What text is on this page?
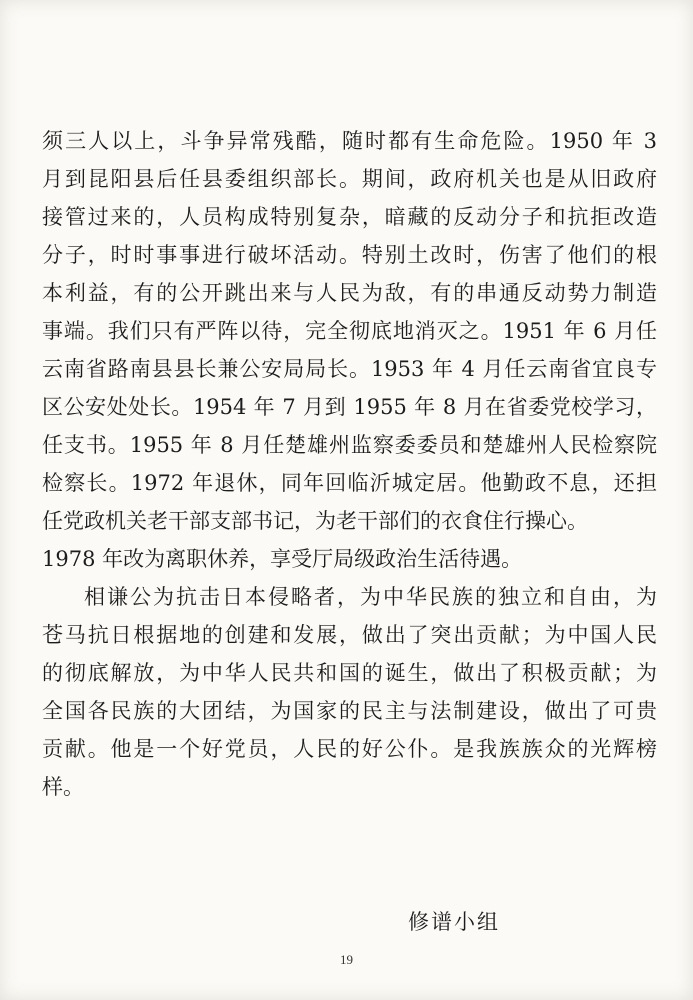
须三人以上，斗争异常残酷，随时都有生命危险。1950 年 3
月到昆阳县后任县委组织部长。期间，政府机关也是从旧政府
接管过来的，人员构成特别复杂，暗藏的反动分子和抗拒改造
分子，时时事事进行破坏活动。特别土改时，伤害了他们的根
本利益，有的公开跳出来与人民为敌，有的串通反动势力制造
事端。我们只有严阵以待，完全彻底地消灭之。1951 年 6 月任
云南省路南县县长兼公安局局长。1953 年 4 月任云南省宜良专
区公安处处长。1954 年 7 月到 1955 年 8 月在省委党校学习，
任支书。1955 年 8 月任楚雄州监察委委员和楚雄州人民检察院
检察长。1972 年退休，同年回临沂城定居。他勤政不息，还担
任党政机关老干部支部书记，为老干部们的衣食住行操心。
1978 年改为离职休养，享受厅局级政治生活待遇。
相谦公为抗击日本侵略者，为中华民族的独立和自由，为
苍马抗日根据地的创建和发展，做出了突出贡献；为中国人民
的彻底解放，为中华人民共和国的诞生，做出了积极贡献；为
全国各民族的大团结，为国家的民主与法制建设，做出了可贵
贡献。他是一个好党员，人民的好公仆。是我族族众的光辉榜
样。
修谱小组
19
